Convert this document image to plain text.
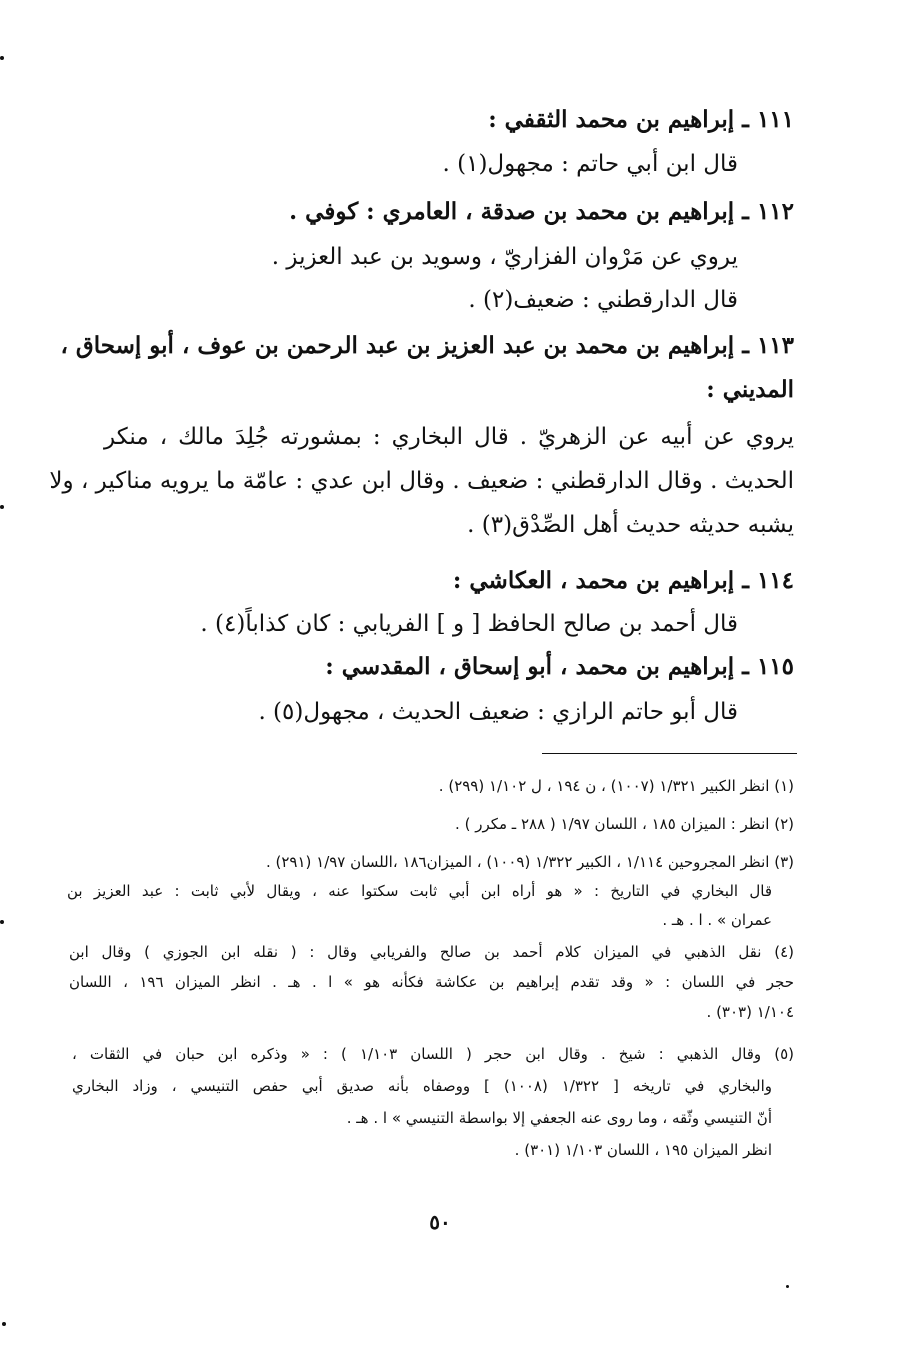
١١١ ـ إبراهيم بن محمد الثقفي :
قال ابن أبي حاتم : مجهول(١) .
١١٢ ـ إبراهيم بن محمد بن صدقة ، العامري : كوفي .
يروي عن مَرْوان الفزاريّ ، وسويد بن عبد العزيز .
قال الدارقطني : ضعيف(٢) .
١١٣ ـ إبراهيم بن محمد بن عبد العزيز بن عبد الرحمن بن عوف ، أبو إسحاق ،
المديني :
يروي عن أبيه عن الزهريّ . قال البخاري : بمشورته جُلِدَ مالك ، منكر
الحديث . وقال الدارقطني : ضعيف . وقال ابن عدي : عامّة ما يرويه مناكير ، ولا
يشبه حديثه حديث أهل الصِّدْق(٣) .
١١٤ ـ إبراهيم بن محمد ، العكاشي :
قال أحمد بن صالح الحافظ [ و ] الفريابي : كان كذاباً(٤) .
١١٥ ـ إبراهيم بن محمد ، أبو إسحاق ، المقدسي :
قال أبو حاتم الرازي : ضعيف الحديث ، مجهول(٥) .
(١) انظر الكبير ١/٣٢١ (١٠٠٧) ، ن ١٩٤ ، ل ١/١٠٢ (٢٩٩) .
(٢) انظر : الميزان ١٨٥ ، اللسان ١/٩٧ ( ٢٨٨ ـ مكرر ) .
(٣) انظر المجروحين ١/١١٤ ، الكبير ١/٣٢٢ (١٠٠٩) ، الميزان١٨٦ ،اللسان ١/٩٧ (٢٩١) .
قال البخاري في التاريخ : « هو أراه ابن أبي ثابت سكتوا عنه ، ويقال لأبي ثابت : عبد العزيز بن
عمران » . ا . هـ .
(٤) نقل الذهبي في الميزان كلام أحمد بن صالح والفريابي وقال : ( نقله ابن الجوزي ) وقال ابن
حجر في اللسان : « وقد تقدم إبراهيم بن عكاشة فكأنه هو » ا . هـ . انظر الميزان ١٩٦ ، اللسان
١/١٠٤ (٣٠٣) .
(٥) وقال الذهبي : شيخ . وقال ابن حجر ( اللسان ١/١٠٣ ) : « وذكره ابن حبان في الثقات ،
والبخاري في تاريخه [ ١/٣٢٢ (١٠٠٨) ] ووصفاه بأنه صديق أبي حفص التنيسي ، وزاد البخاري
أنّ التنيسي وثّقه ، وما روى عنه الجعفي إلا بواسطة التنيسي » ا . هـ .
انظر الميزان ١٩٥ ، اللسان ١/١٠٣ (٣٠١) .
٥٠
